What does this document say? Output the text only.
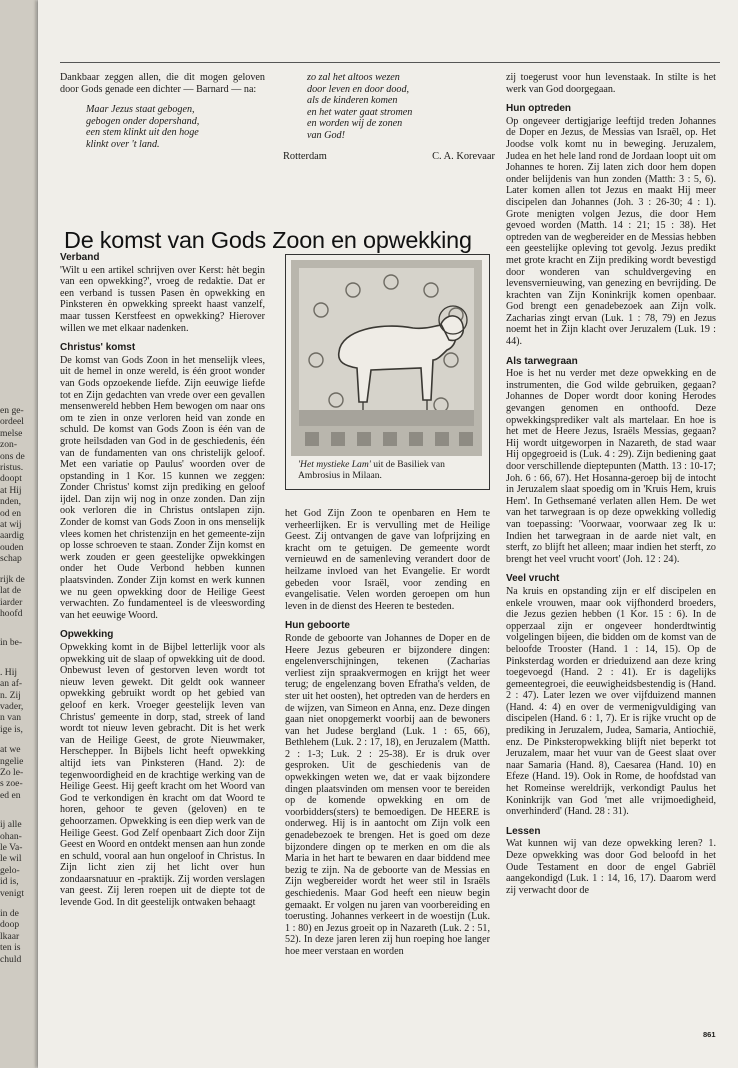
en ge-
ordeel
melse
zon-
ons de
ristus.
doopt
at Hij
nden,
od en
at wij
aardig
ouden
schap
rijk de
lat de
iarder
hoofd
in be-
. Hij
an af-
n. Zij
vader,
n van
ige is,
at we
ngelie
Zo le-
s zoe-
ed en
ij alle
ohan-
le Va-
le wil
gelo-
id is,
venigt
in de
doop
lkaar
ten is
chuld

Dankbaar zeggen allen, die dit mogen geloven door Gods genade een dichter — Barnard — na:

Maar Jezus staat gebogen,
gebogen onder dopershand,
een stem klinkt uit den hoge
klinkt over 't land.
zo zal het altoos wezen
door leven en door dood,
als de kinderen komen
en het water gaat stromen
en worden wij de zonen
van God!
Rotterdam	C. A. Korevaar
De komst van Gods Zoon en opwekking
'Het mystieke Lam' uit de Basiliek van Ambrosius in Milaan.
Verband

'Wilt u een artikel schrijven over Kerst: hèt begin van een opwekking?', vroeg de redaktie. Dat er een verband is tussen Pasen èn opwekking en Pinksteren èn opwekking spreekt haast vanzelf, maar tussen Kerstfeest en opwekking? Hierover willen we met elkaar nadenken.

Christus' komst

De komst van Gods Zoon in het menselijk vlees, uit de hemel in onze wereld, is één groot wonder van Gods opzoekende liefde. Zijn eeuwige liefde tot en Zijn gedachten van vrede over een gevallen mensenwereld hebben Hem bewogen om naar ons om te zien in onze verloren heid van zonde en schuld. De komst van Gods Zoon is één van de grote heilsdaden van God in de geschiedenis, één van de fundamenten van ons christelijk geloof. Met een variatie op Paulus' woorden over de opstanding in 1 Kor. 15 kunnen we zeggen: Zonder Christus' komst zijn prediking en geloof ijdel. Dan zijn wij nog in onze zonden. Dan zijn ook verloren die in Christus ontslapen zijn. Zonder de komst van Gods Zoon in ons menselijk vlees komen het christenzijn en het gemeente-zijn op losse schroeven te staan. Zonder Zijn komst en werk zouden er geen geestelijke opwekkingen onder het Oude Verbond hebben kunnen plaatsvinden. Zonder Zijn komst en werk kunnen we nu geen opwekking door de Heilige Geest verwachten. Zo fundamenteel is de vleeswording van het eeuwige Woord.

Opwekking

Opwekking komt in de Bijbel letterlijk voor als opwekking uit de slaap of opwekking uit de dood. Onbewust leven of gestorven leven wordt tot nieuw leven gewekt. Dit geldt ook wanneer opwekking gebruikt wordt op het gebied van geloof en kerk. Vroeger geestelijk leven van Christus' gemeente in dorp, stad, streek of land wordt tot nieuw leven gebracht. Dit is het werk van de Heilige Geest, de grote Nieuwmaker, Herschepper. In Bijbels licht heeft opwekking altijd iets van Pinksteren (Hand. 2): de tegenwoordigheid en de krachtige werking van de Heilige Geest. Hij geeft kracht om het Woord van God te verkondigen èn kracht om dat Woord te horen, gehoor te geven (geloven) en te gehoorzamen. Opwekking is een diep werk van de Heilige Geest. God Zelf openbaart Zich door Zijn Geest en Woord en ontdekt mensen aan hun zonde en schuld, vooral aan hun ongeloof in Christus. In Zijn licht zien zij het licht over hun zondaarsnatuur en -praktijk. Zij worden verslagen van geest. Zij leren roepen uit de diepte tot de levende God. In dit geestelijk ontwaken behaagt

het God Zijn Zoon te openbaren en Hem te verheerlijken. Er is vervulling met de Heilige Geest. Zij ontvangen de gave van lofprijzing en kracht om te getuigen. De gemeente wordt vernieuwd en de samenleving verandert door de heilzame invloed van het Evangelie. Er wordt gebeden voor Israël, voor zending en evangelisatie. Velen worden geroepen om hun leven in de dienst des Heeren te besteden.

Hun geboorte

Ronde de geboorte van Johannes de Doper en de Heere Jezus gebeuren er bijzondere dingen: engelenverschijningen, tekenen (Zacharias verliest zijn spraakvermogen en krijgt het weer terug; de engelenzang boven Efratha's velden, de ster uit het oosten), het optreden van de herders en de wijzen, van Simeon en Anna, enz. Deze dingen gaan niet onopgemerkt voorbij aan de bewoners van het Judese bergland (Luk. 1 : 65, 66), Bethlehem (Luk. 2 : 17, 18), en Jeruzalem (Matth. 2 : 1-3; Luk. 2 : 25-38). Er is druk over gesproken. Uit de geschiedenis van de opwekkingen weten we, dat er vaak bijzondere dingen plaatsvinden om mensen voor te bereiden op de komende opwekking en om de voorbidders(sters) te bemoedigen. De HEERE is onderweg. Hij is in aantocht om Zijn volk een genadebezoek te brengen. Het is goed om deze bijzondere dingen op te merken en om die als Maria in het hart te bewaren en daar biddend mee bezig te zijn. Na de geboorte van de Messias en Zijn wegbereider wordt het weer stil in Israëls geschiedenis. Maar God heeft een nieuw begin gemaakt. Er volgen nu jaren van voorbereiding en toerusting. Johannes verkeert in de woestijn (Luk. 1 : 80) en Jezus groeit op in Nazareth (Luk. 2 : 51, 52). In deze jaren leren zij hun roeping hoe langer hoe meer verstaan en worden

zij toegerust voor hun levenstaak. In stilte is het werk van God doorgegaan.

Hun optreden

Op ongeveer dertigjarige leeftijd treden Johannes de Doper en Jezus, de Messias van Israël, op. Het Joodse volk komt nu in beweging. Jeruzalem, Judea en het hele land rond de Jordaan loopt uit om Johannes te horen. Zij laten zich door hem dopen onder belijdenis van hun zonden (Matth: 3 : 5, 6). Later komen allen tot Jezus en maakt Hij meer discipelen dan Johannes (Joh. 3 : 26-30; 4 : 1). Grote menigten volgen Jezus, die door Hem gevoed worden (Matth. 14 : 21; 15 : 38). Het optreden van de wegbereider en de Messias hebben een geestelijke opleving tot gevolg. Jezus predikt met grote kracht en Zijn prediking wordt bevestigd door wonderen van schuldvergeving en levensvernieuwing, van genezing en bevrijding. De krachten van Zijn Koninkrijk komen openbaar. God brengt een genadebezoek aan Zijn volk. Zacharias zingt ervan (Luk. 1 : 78, 79) en Jezus noemt het in Zijn klacht over Jeruzalem (Luk. 19 : 44).

Als tarwegraan

Hoe is het nu verder met deze opwekking en de instrumenten, die God wilde gebruiken, gegaan? Johannes de Doper wordt door koning Herodes gevangen genomen en onthoofd. Deze opwekkingsprediker valt als martelaar. En hoe is het met de Heere Jezus, Israëls Messias, gegaan? Hij wordt uitgeworpen in Nazareth, de stad waar Hij opgegroeid is (Luk. 4 : 29). Zijn bediening gaat door verschillende dieptepunten (Matth. 13 : 10-17; Joh. 6 : 66, 67). Het Hosanna-geroep bij de intocht in Jeruzalem slaat spoedig om in 'Kruis Hem, kruis Hem'. In Gethsemané verlaten allen Hem. De wet van het tarwegraan is op deze opwekking volledig van toepassing: 'Voorwaar, voorwaar zeg Ik u: Indien het tarwegraan in de aarde niet valt, en sterft, zo blijft het alleen; maar indien het sterft, zo brengt het veel vrucht voort' (Joh. 12 : 24).

Veel vrucht

Na kruis en opstanding zijn er elf discipelen en enkele vrouwen, maar ook vijfhonderd broeders, die Jezus gezien hebben (1 Kor. 15 : 6). In de opperzaal zijn er ongeveer honderdtwintig volgelingen bijeen, die bidden om de komst van de beloofde Trooster (Hand. 1 : 14, 15). Op de Pinksterdag worden er drieduizend aan deze kring toegevoegd (Hand. 2 : 41). Er is dagelijks gemeentegroei, die eeuwigheidsbestendig is (Hand. 2 : 47). Later lezen we over vijfduizend mannen (Hand. 4: 4) en over de vermenigvuldiging van discipelen (Hand. 6 : 1, 7). Er is rijke vrucht op de prediking in Jeruzalem, Judea, Samaria, Antiochië, enz. De Pinksteropwekking blijft niet beperkt tot Jeruzalem, maar het vuur van de Geest slaat over naar Samaria (Hand. 8), Caesarea (Hand. 10) en Efeze (Hand. 19). Ook in Rome, de hoofdstad van het Romeinse wereldrijk, verkondigt Paulus het Koninkrijk van God 'met alle vrijmoedigheid, onverhinderd' (Hand. 28 : 31).

Lessen

Wat kunnen wij van deze opwekking leren? 1. Deze opwekking was door God beloofd in het Oude Testament en door de engel Gabriël aangekondigd (Luk. 1 : 14, 16, 17). Daarom werd zij verwacht door de

861
